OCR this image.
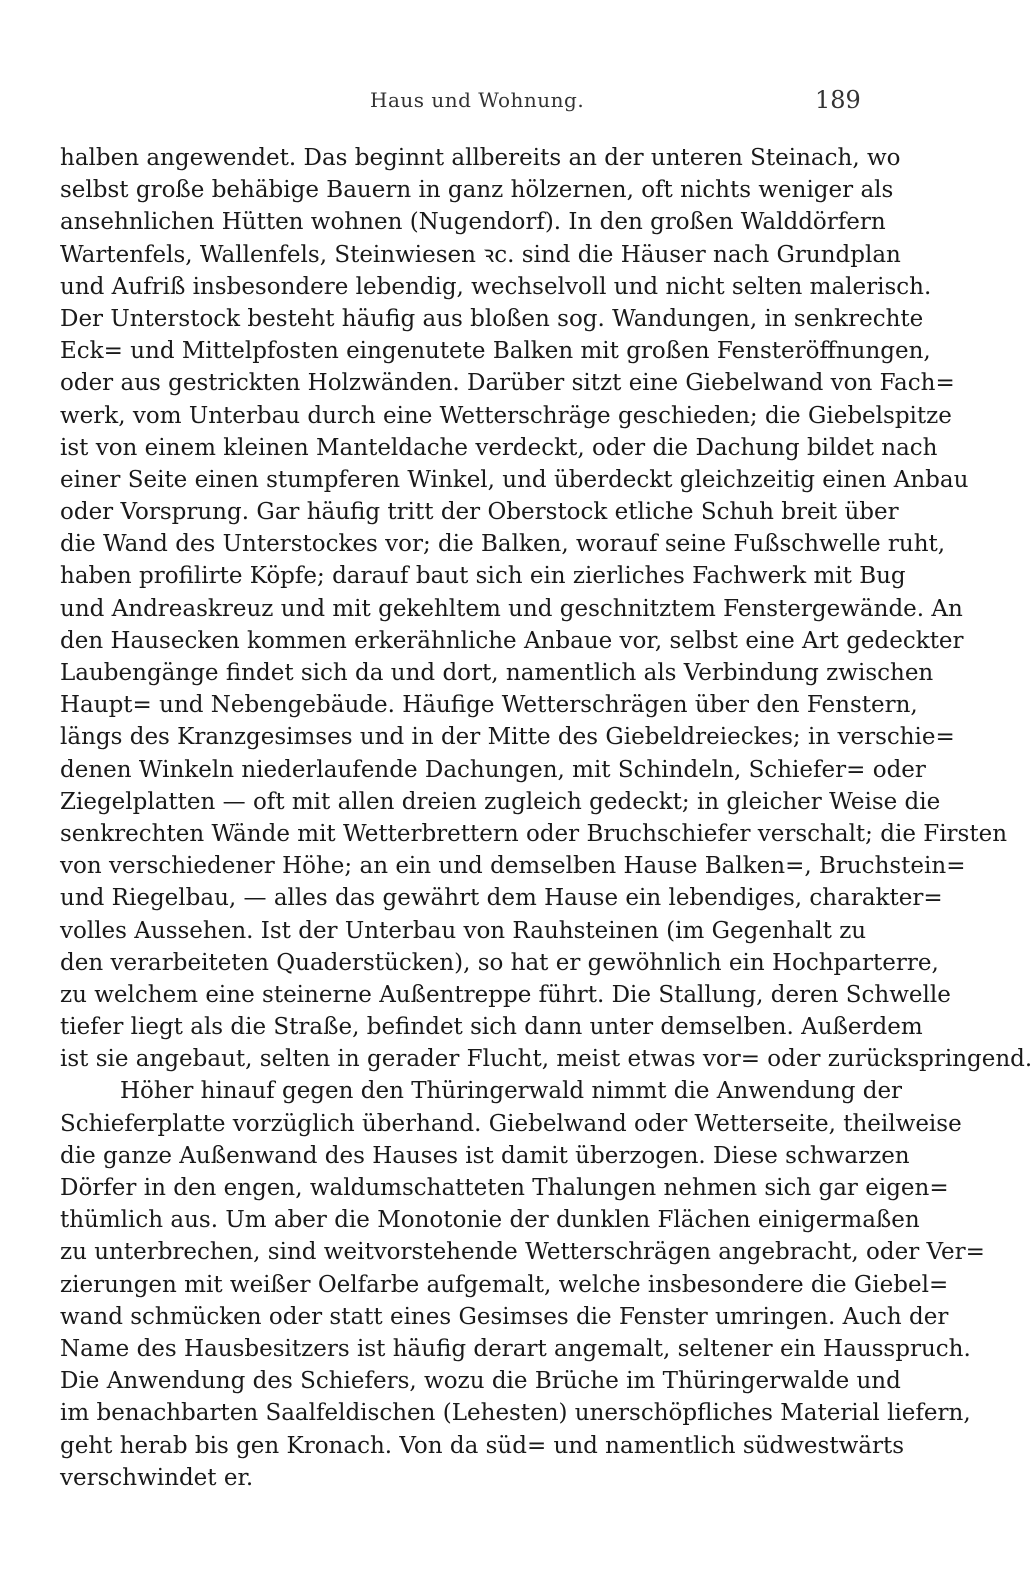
Haus und Wohnung.	189
halben angewendet. Das beginnt allbereits an der unteren Steinach, wo
selbst große behäbige Bauern in ganz hölzernen, oft nichts weniger als
ansehnlichen Hütten wohnen (Nugendorf). In den großen Walddörfern
Wartenfels, Wallenfels, Steinwiesen ꝛc. sind die Häuser nach Grundplan
und Aufriß insbesondere lebendig, wechselvoll und nicht selten malerisch.
Der Unterstock besteht häufig aus bloßen sog. Wandungen, in senkrechte
Eck= und Mittelpfosten eingenutete Balken mit großen Fensteröffnungen,
oder aus gestrickten Holzwänden. Darüber sitzt eine Giebelwand von Fach=
werk, vom Unterbau durch eine Wetterschräge geschieden; die Giebelspitze
ist von einem kleinen Manteldache verdeckt, oder die Dachung bildet nach
einer Seite einen stumpferen Winkel, und überdeckt gleichzeitig einen Anbau
oder Vorsprung. Gar häufig tritt der Oberstock etliche Schuh breit über
die Wand des Unterstockes vor; die Balken, worauf seine Fußschwelle ruht,
haben profilirte Köpfe; darauf baut sich ein zierliches Fachwerk mit Bug
und Andreaskreuz und mit gekehltem und geschnitztem Fenstergewände. An
den Hausecken kommen erkerähnliche Anbaue vor, selbst eine Art gedeckter
Laubengänge findet sich da und dort, namentlich als Verbindung zwischen
Haupt= und Nebengebäude. Häufige Wetterschrägen über den Fenstern,
längs des Kranzgesimses und in der Mitte des Giebeldreieckes; in verschie=
denen Winkeln niederlaufende Dachungen, mit Schindeln, Schiefer= oder
Ziegelplatten — oft mit allen dreien zugleich gedeckt; in gleicher Weise die
senkrechten Wände mit Wetterbrettern oder Bruchschiefer verschalt; die Firsten
von verschiedener Höhe; an ein und demselben Hause Balken=, Bruchstein=
und Riegelbau, — alles das gewährt dem Hause ein lebendiges, charakter=
volles Aussehen. Ist der Unterbau von Rauhsteinen (im Gegenhalt zu
den verarbeiteten Quaderstücken), so hat er gewöhnlich ein Hochparterre,
zu welchem eine steinerne Außentreppe führt. Die Stallung, deren Schwelle
tiefer liegt als die Straße, befindet sich dann unter demselben. Außerdem
ist sie angebaut, selten in gerader Flucht, meist etwas vor= oder zurückspringend.
Höher hinauf gegen den Thüringerwald nimmt die Anwendung der
Schieferplatte vorzüglich überhand. Giebelwand oder Wetterseite, theilweise
die ganze Außenwand des Hauses ist damit überzogen. Diese schwarzen
Dörfer in den engen, waldumschatteten Thalungen nehmen sich gar eigen=
thümlich aus. Um aber die Monotonie der dunklen Flächen einigermaßen
zu unterbrechen, sind weitvorstehende Wetterschrägen angebracht, oder Ver=
zierungen mit weißer Oelfarbe aufgemalt, welche insbesondere die Giebel=
wand schmücken oder statt eines Gesimses die Fenster umringen. Auch der
Name des Hausbesitzers ist häufig derart angemalt, seltener ein Hausspruch.
Die Anwendung des Schiefers, wozu die Brüche im Thüringerwalde und
im benachbarten Saalfeldischen (Lehesten) unerschöpfliches Material liefern,
geht herab bis gen Kronach. Von da süd= und namentlich südwestwärts
verschwindet er.
